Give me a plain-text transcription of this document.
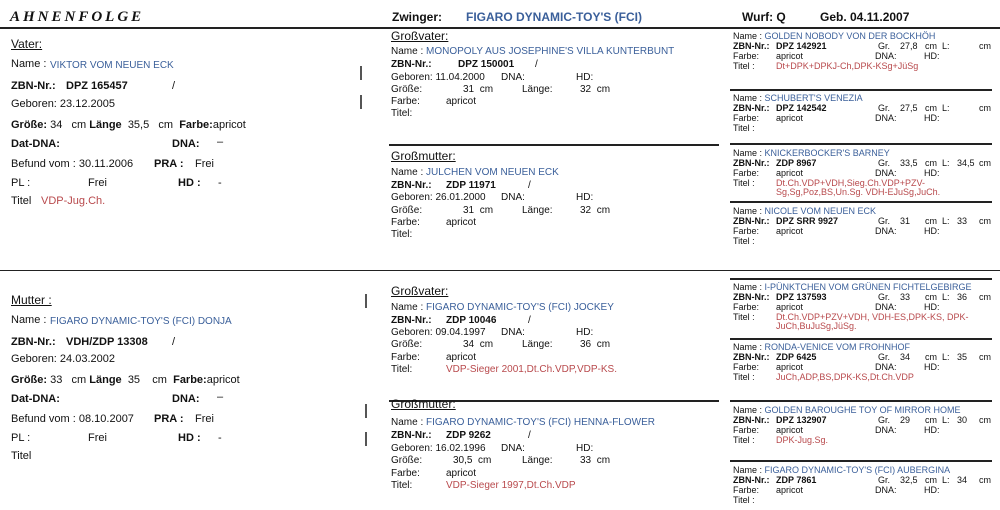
AHNENFOLGE	Zwinger: FIGARO DYNAMIC-TOY'S (FCI)	Wurf: Q	Geb. 04.11.2007
Vater:
Name : VIKTOR VOM NEUEN ECK
ZBN-Nr.: DPZ 165457	/
Geboren: 23.12.2005
Größe: 34 cm Länge 35,5 cm Farbe:apricot
Dat-DNA:	DNA: –
Befund vom : 30.11.2006 PRA : Frei
PL :	Frei	HD : -
Titel VDP-Jug.Ch.
Mutter :
Name : FIGARO DYNAMIC-TOY'S (FCI) DONJA
ZBN-Nr.: VDH/ZDP 13308 /
Geboren: 24.03.2002
Größe: 33 cm Länge 35 cm Farbe:apricot
Dat-DNA:	DNA: –
Befund vom : 08.10.2007 PRA : Frei
PL :	Frei	HD : -
Titel
Großvater:
Name : MONOPOLY AUS JOSEPHINE'S VILLA KUNTERBUNT
ZBN-Nr.:	DPZ 150001 /
Geboren: 11.04.2000 DNA:	HD:
Größe:	31 cm	Länge:	32 cm
Farbe:	apricot
Titel:
Großmutter:
Name : JULCHEN VOM NEUEN ECK
ZBN-Nr.: ZDP 11971	/
Geboren: 26.01.2000 DNA:	HD:
Größe:	31 cm	Länge:	32 cm
Farbe:	apricot
Titel:
Großvater:
Name : FIGARO DYNAMIC-TOY'S (FCI) JOCKEY
ZBN-Nr.: ZDP 10046	/
Geboren: 09.04.1997 DNA:	HD:
Größe:	34 cm	Länge:	36 cm
Farbe:	apricot
Titel:	VDP-Sieger 2001,Dt.Ch.VDP,VDP-KS.
Großmutter:
Name : FIGARO DYNAMIC-TOY'S (FCI) HENNA-FLOWER
ZBN-Nr.: ZDP 9262	/
Geboren: 16.02.1996 DNA:	HD:
Größe:	30,5 cm	Länge:	33 cm
Farbe:	apricot
Titel:	VDP-Sieger 1997,Dt.Ch.VDP
Name : GOLDEN NOBODY VON DER BOCKHÖH
ZBN-Nr.: DPZ 142921	Gr. 27,8 cm L:	cm
Farbe: apricot	DNA:	HD:
Titel : Dt+DPK+DPKJ-Ch,DPK-KSg+JüSg
Name : SCHUBERT'S VENEZIA
ZBN-Nr.: DPZ 142542	Gr. 27,5 cm L:	cm
Farbe: apricot	DNA:	HD:
Titel :
Name : KNICKERBOCKER'S BARNEY
ZBN-Nr.: ZDP 8967	Gr. 33,5 cm L: 34,5 cm
Farbe: apricot	DNA:	HD:
Titel : Dt.Ch.VDP+VDH,Sieg.Ch.VDP+PZV-
Sg,Sg,Poz,BS,Un.Sg. VDH-EJuSg,JuCh.
Name : NICOLE VOM NEUEN ECK
ZBN-Nr.: DPZ SRR 9927	Gr. 31 cm L: 33 cm
Farbe: apricot	DNA:	HD:
Titel :
Name : I-PÜNKTCHEN VOM GRÜNEN FICHTELGEBIRGE
ZBN-Nr.: DPZ 137593	Gr. 33 cm L: 36 cm
Farbe: apricot	DNA:	HD:
Titel : Dt.Ch.VDP+PZV+VDH, VDH-ES,DPK-KS, DPK-
JuCh,BuJuSg,JüSg.
Name : RONDA-VENICE VOM FROHNHOF
ZBN-Nr.: ZDP 6425	Gr. 34 cm L: 35 cm
Farbe: apricot	DNA:	HD:
Titel : JuCh,ADP,BS,DPK-KS,Dt.Ch.VDP
Name : GOLDEN BAROUGHE TOY OF MIRROR HOME
ZBN-Nr.: DPZ 132907	Gr. 29 cm L: 30 cm
Farbe: apricot	DNA:	HD:
Titel : DPK-Jug.Sg.
Name : FIGARO DYNAMIC-TOY'S (FCI) AUBERGINA
ZBN-Nr.: ZDP 7861	Gr. 32,5 cm L: 34 cm
Farbe: apricot	DNA:	HD:
Titel :
